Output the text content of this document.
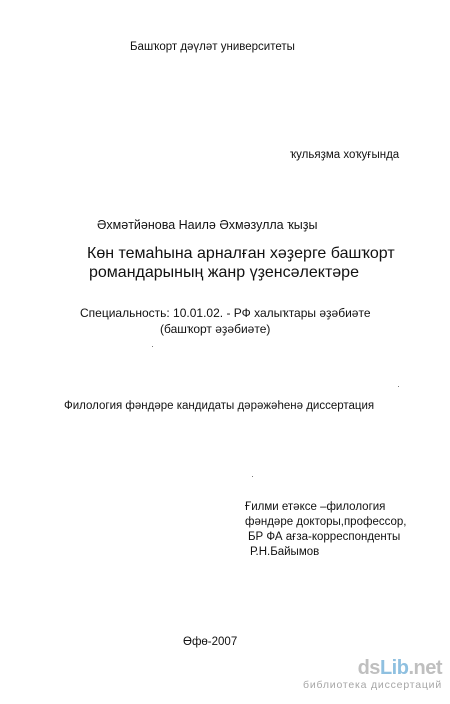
Башҡорт дәүләт университеты
ҡульяҙма хоҡуғында
Әхмәтйәнова Наилә Әхмәзулла ҡыҙы
Көн темаһына арналған хәҙерге башҡорт
романдарының жанр үҙенсәлектәре
Специальность: 10.01.02. - РФ халыҡтары әҙәбиәте
(башҡорт әҙәбиәте)
Филология фәндәре кандидаты дәрәжәһенә диссертация
Ғилми етәксе –филология
фәндәре докторы,профессор,
БР ФА ағза-корреспонденты
Р.Н.Байымов
Өфө-2007
dsLib.net
библиотека диссертаций
